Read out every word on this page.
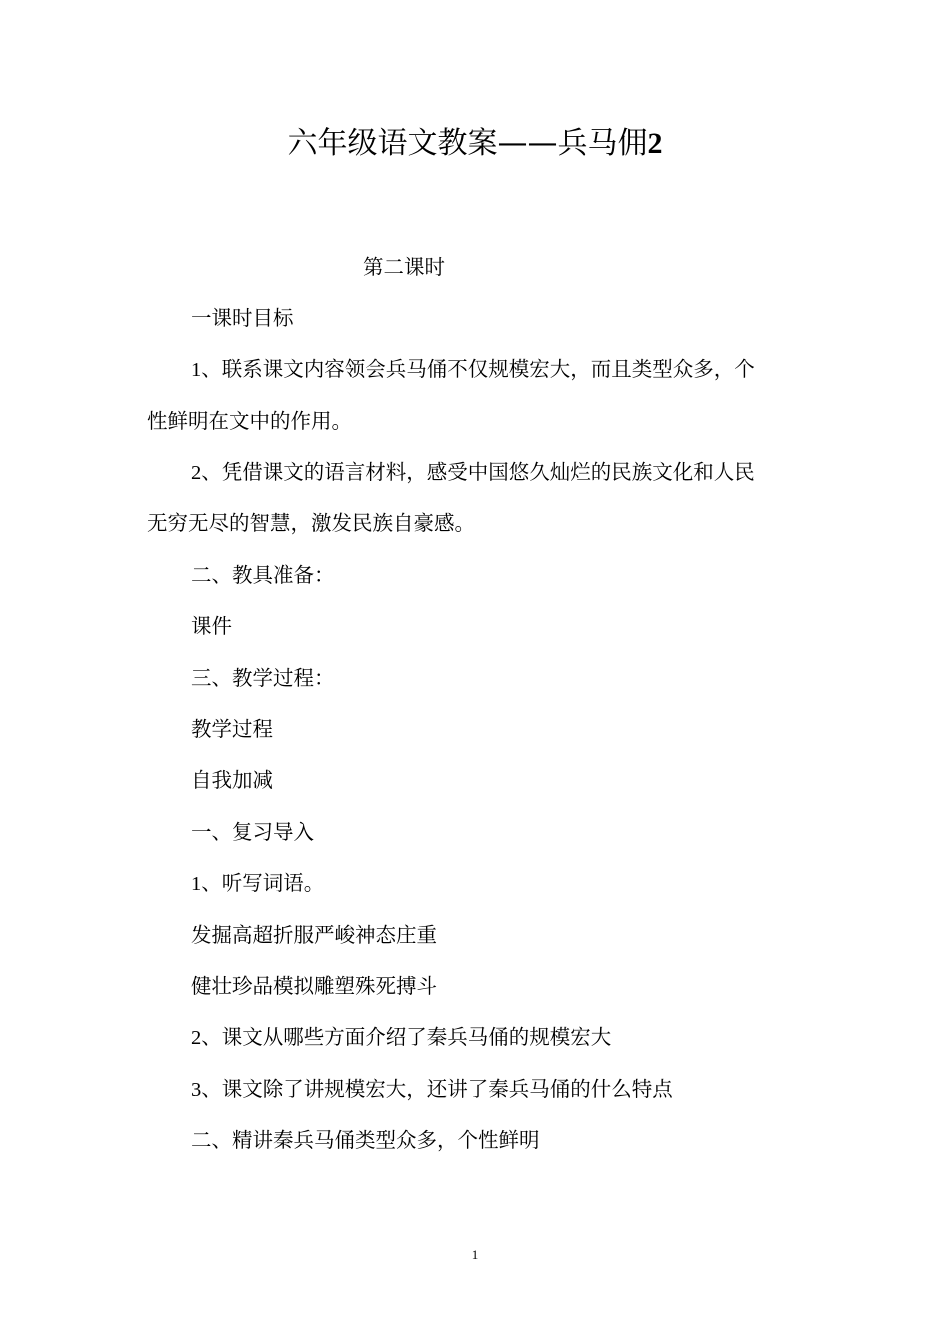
六年级语文教案——兵马佣2
第二课时
一课时目标
1、联系课文内容领会兵马俑不仅规模宏大，而且类型众多，个
性鲜明在文中的作用。
2、凭借课文的语言材料，感受中国悠久灿烂的民族文化和人民
无穷无尽的智慧，激发民族自豪感。
二、教具准备：
课件
三、教学过程：
教学过程
自我加减
一、复习导入
1、听写词语。
发掘高超折服严峻神态庄重
健壮珍品模拟雕塑殊死搏斗
2、课文从哪些方面介绍了秦兵马俑的规模宏大
3、课文除了讲规模宏大，还讲了秦兵马俑的什么特点
二、精讲秦兵马俑类型众多，个性鲜明
1
